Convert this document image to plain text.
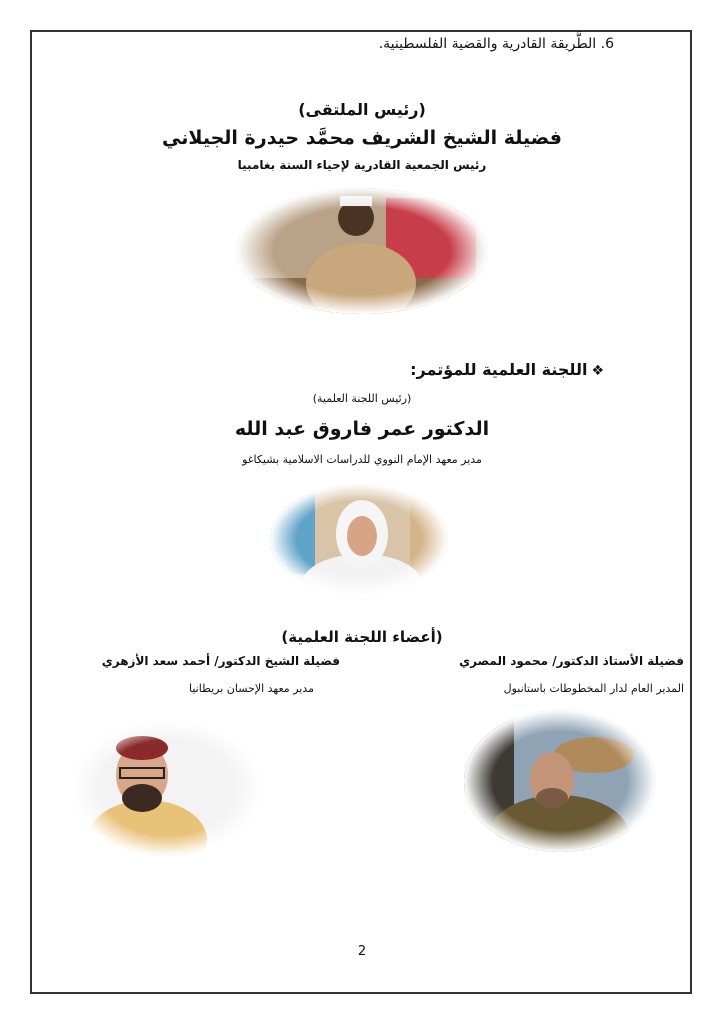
6. الطَّريقة القادرية والقضية الفلسطينية.
(رئيس الملتقى)
فضيلة الشيخ الشريف محمَّد حيدرة الجيلاني
رئيس الجمعية القادرية لإحياء السنة بغامبيا
❖اللجنة العلمية للمؤتمر:
(رئيس اللجنة العلمية)
الدكتور عمر فاروق عبد الله
مدير معهد الإمام النووي للدراسات الاسلامية بشيكاغو
(أعضاء اللجنة العلمية)
فضيلة الأستاذ الدكتور/ محمود المصري
المدير العام لدار المخطوطات باستانبول
فضيلة الشيخ الدكتور/ أحمد سعد الأزهري
مدير معهد الإحسان بريطانيا
2
